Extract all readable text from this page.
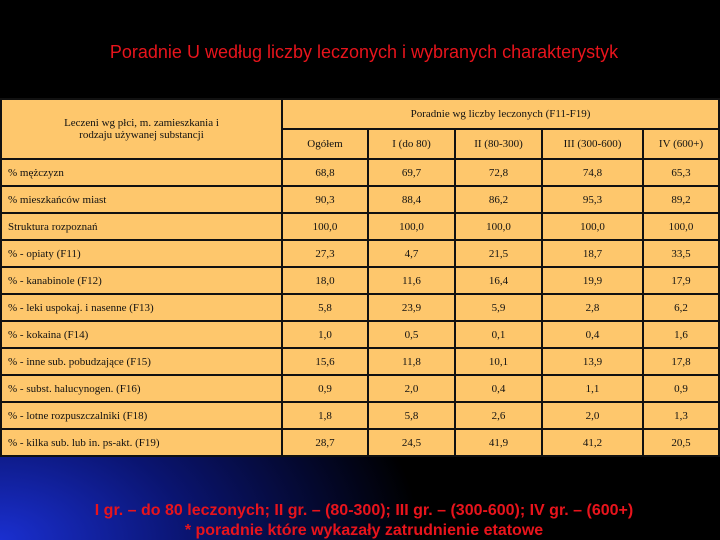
Poradnie U według liczby leczonych i wybranych charakterystyk
Leczeni wg płci, m. zamieszkania i rodzaju używanej substancji	Poradnie wg liczby leczonych (F11-F19)				
	Ogółem	I (do 80)	II (80-300)	III (300-600)	IV (600+)
% mężczyzn	68,8	69,7	72,8	74,8	65,3
% mieszkańców miast	90,3	88,4	86,2	95,3	89,2
Struktura rozpoznań	100,0	100,0	100,0	100,0	100,0
% - opiaty (F11)	27,3	4,7	21,5	18,7	33,5
% - kanabinole (F12)	18,0	11,6	16,4	19,9	17,9
% - leki uspokaj. i nasenne (F13)	5,8	23,9	5,9	2,8	6,2
% - kokaina (F14)	1,0	0,5	0,1	0,4	1,6
% - inne sub. pobudzające (F15)	15,6	11,8	10,1	13,9	17,8
% - subst. halucynogen. (F16)	0,9	2,0	0,4	1,1	0,9
% - lotne rozpuszczalniki (F18)	1,8	5,8	2,6	2,0	1,3
% - kilka sub. lub in. ps-akt. (F19)	28,7	24,5	41,9	41,2	20,5
I gr. – do 80 leczonych; II gr. – (80-300); III gr. – (300-600); IV gr. – (600+)
* poradnie które wykazały zatrudnienie etatowe
